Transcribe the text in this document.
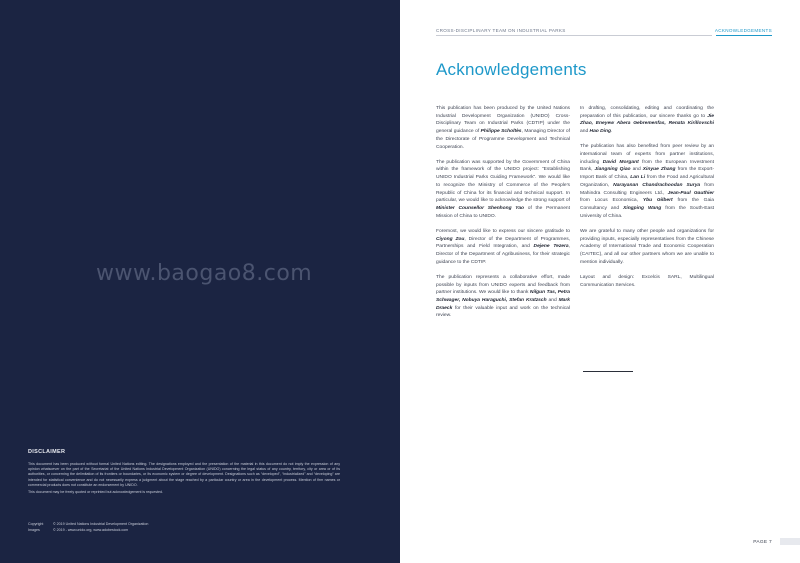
www.baogao8.com
DISCLAIMER

This document has been produced without formal United Nations editing. The designations employed and the presentation of the material in this document do not imply the expression of any opinion whatsoever on the part of the Secretariat of the United Nations Industrial Development Organization (UNIDO) concerning the legal status of any country, territory, city or area or of its authorities, or concerning the delimitation of its frontiers or boundaries, or its economic system or degree of development. Designations such as “developed”, “industrialized” and “developing” are intended for statistical convenience and do not necessarily express a judgment about the stage reached by a particular country or area in the development process. Mention of firm names or commercial products does not constitute an endorsement by UNIDO.

This document may be freely quoted or reprinted but acknowledgement is requested.

Copyright	© 2019 United Nations Industrial Development Organization
Images	© 2019 - www.unido.org, www.adobestock.com
CROSS-DISCIPLINARY TEAM ON INDUSTRIAL PARKS	ACKNOWLEDGEMENTS
Acknowledgements

This publication has been produced by the United Nations Industrial Development Organization (UNIDO) Cross-Disciplinary Team on Industrial Parks (CDTIP) under the general guidance of Philippe Scholtès, Managing Director of the Directorate of Programme Development and Technical Cooperation.

The publication was supported by the Government of China within the framework of the UNIDO project: “Establishing UNIDO Industrial Parks Guiding Framework”. We would like to recognize the Ministry of Commerce of the People's Republic of China for its financial and technical support. In particular, we would like to acknowledge the strong support of Minister Counsellor Shenhong Yao of the Permanent Mission of China to UNIDO.

Foremost, we would like to express our sincere gratitude to Ciyong Zou, Director of the Department of Programmes, Partnerships and Field Integration, and Dejene Tezera, Director of the Department of Agribusiness, for their strategic guidance to the CDTIP.

The publication represents a collaborative effort, made possible by inputs from UNIDO experts and feedback from partner institutions. We would like to thank Nilgun Tas, Petra Schwager, Nobuya Haraguchi, Stefan Kratzsch and Mark Draeck for their valuable input and work on the technical review.

In drafting, consolidating, editing and coordinating the preparation of this publication, our sincere thanks go to Jie Zhao, Eneyew Abera Gebremenfas, Renata Kirillovschi and Hao Ding.

The publication has also benefited from peer review by an international team of experts from partner institutions, including David Morgant from the European Investment Bank, Jiangning Qiao and Xinyue Zhang from the Export-Import Bank of China, Lan Li from the Food and Agricultural Organization, Narayanan Chandrachoodan Surya from Mahindra Consulting Engineers Ltd., Jean-Paul Gauthier from Locus Economica, Ybu Gilbert from the Gaia Consultancy and Xingping Wang from the South-East University of China.

We are grateful to many other people and organizations for providing inputs, especially representatives from the Chinese Academy of International Trade and Economic Cooperation (CAITEC), and all our other partners whom we are unable to mention individually.

Layout and design: Excelcis SARL, Multilingual Communication Services.

PAGE 7
